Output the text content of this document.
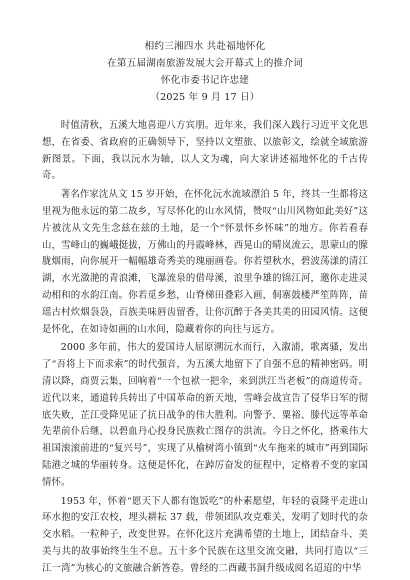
相约三湘四水 共赴福地怀化
在第五届湖南旅游发展大会开幕式上的推介词
怀化市委书记许忠建
（2025 年 9 月 17 日）

时值清秋，五溪大地喜迎八方宾朋。近年来，我们深入践行习近平文化思想，在省委、省政府的正确领导下，坚持以文塑旅、以旅彰文，绘就全域旅游新图景。下面，我以沅水为轴，以人文为魂，向大家讲述福地怀化的千古传奇。

著名作家沈从文 15 岁开始，在怀化沅水流域漂泊 5 年，终其一生都将这里视为他永远的第二故乡，写尽怀化的山水风情，赞叹“山川风物如此美好”这片被沈从文先生念兹在兹的土地，是一个“怀景怀乡怀味”的地方。你若看春山，雪峰山的巍峨挺拔，万佛山的丹霞峰林，西晃山的晴岚流云，思蒙山的朦胧烟雨，向你展开一幅幅雄奇秀美的瑰丽画卷。你若望秋水，碧波荡漾的清江湖，水光潋滟的青浪滩，飞瀑流泉的借母溪，浪里争雄的锦江河，邀你走进灵动相和的水韵江南。你若觅乡愁，山脊梯田叠彩入画，侗寨鼓楼严笙阵阵，苗瑶古村炊烟袅袅，百族美味唇齿留香，让你沉醉于各美其美的田园风情。这便是怀化，在如诗如画的山水间，隐藏着你的向往与远方。

2000 多年前，伟大的爱国诗人屈原溯沅水而行，入溆浦，歌离骚，发出了“吾将上下而求索”的时代强音，为五溪大地留下了自强不息的精神密码。明清以降，商贾云集，回响着“一个包袱一把伞，来到洪江当老板”的商道传奇。近代以来，通道转兵转出了中国革命的新天地，雪峰会战宣告了侵华日军的彻底失败，芷江受降见证了抗日战争的伟大胜利。向警予、粟裕、滕代远等革命先辈前仆后继，以碧血丹心投身民族救亡图存的洪流。今日之怀化，搭乘伟大祖国滚滚前进的“复兴号”，实现了从榆树湾小镇到“火车拖来的城市”再到国际陆港之城的华丽转身。这便是怀化，在踔厉奋发的征程中，定格着不变的家国情怀。

1953 年，怀着“愿天下人都有饱饭吃”的朴素愿望，年轻的袁隆平走进山环水抱的安江农校，埋头耕耘 37 载，带领团队攻克难关，发明了划时代的杂交水稻。一粒种子，改变世界。在怀化这片充满希望的土地上，团结奋斗、美美与共的故事始终生生不息。五十多个民族在这里交流交融，共同打造以“三江一湾”为核心的文旅融合新答卷。曾经的二酉藏书洞升级成阅名迢迢的中华
